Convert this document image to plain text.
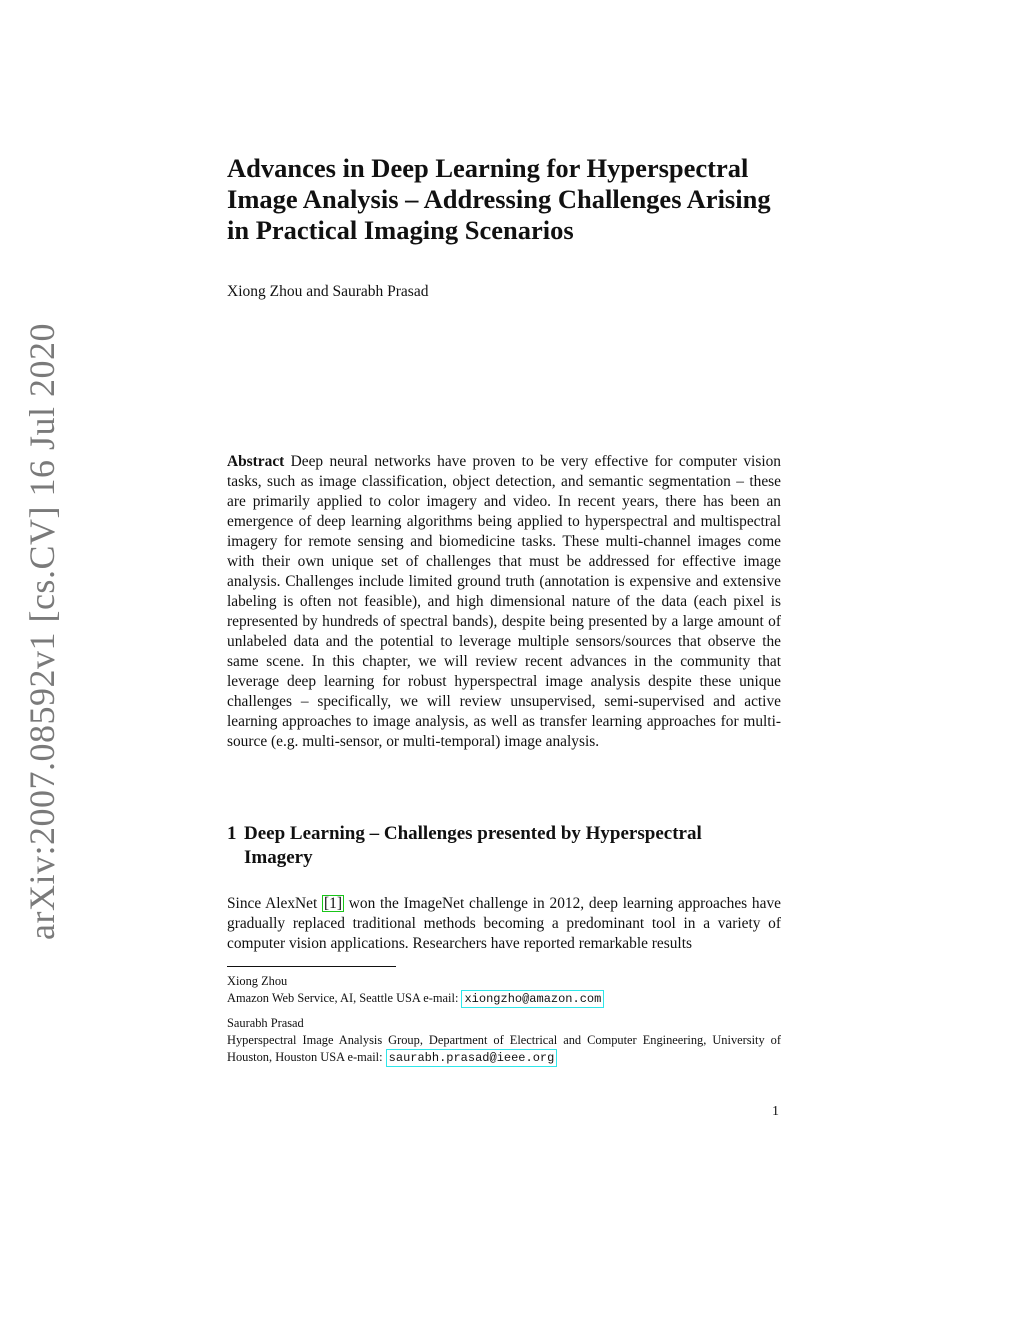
arXiv:2007.08592v1 [cs.CV] 16 Jul 2020
Advances in Deep Learning for Hyperspectral
Image Analysis – Addressing Challenges Arising
in Practical Imaging Scenarios
Xiong Zhou and Saurabh Prasad

Abstract Deep neural networks have proven to be very effective for computer vision tasks, such as image classification, object detection, and semantic segmentation – these are primarily applied to color imagery and video. In recent years, there has been an emergence of deep learning algorithms being applied to hyperspectral and multispectral imagery for remote sensing and biomedicine tasks. These multi-channel images come with their own unique set of challenges that must be addressed for effective image analysis. Challenges include limited ground truth (annotation is expensive and extensive labeling is often not feasible), and high dimensional nature of the data (each pixel is represented by hundreds of spectral bands), despite being presented by a large amount of unlabeled data and the potential to leverage multiple sensors/sources that observe the same scene. In this chapter, we will review recent advances in the community that leverage deep learning for robust hyperspectral image analysis despite these unique challenges – specifically, we will review unsupervised, semi-supervised and active learning approaches to image analysis, as well as transfer learning approaches for multi-source (e.g. multi-sensor, or multi-temporal) image analysis.

1 Deep Learning – Challenges presented by Hyperspectral Imagery

Since AlexNet [1] won the ImageNet challenge in 2012, deep learning approaches have gradually replaced traditional methods becoming a predominant tool in a variety of computer vision applications. Researchers have reported remarkable results

Xiong Zhou
Amazon Web Service, AI, Seattle USA e-mail: xiongzho@amazon.com
Saurabh Prasad
Hyperspectral Image Analysis Group, Department of Electrical and Computer Engineering, University of Houston, Houston USA e-mail: saurabh.prasad@ieee.org
1
